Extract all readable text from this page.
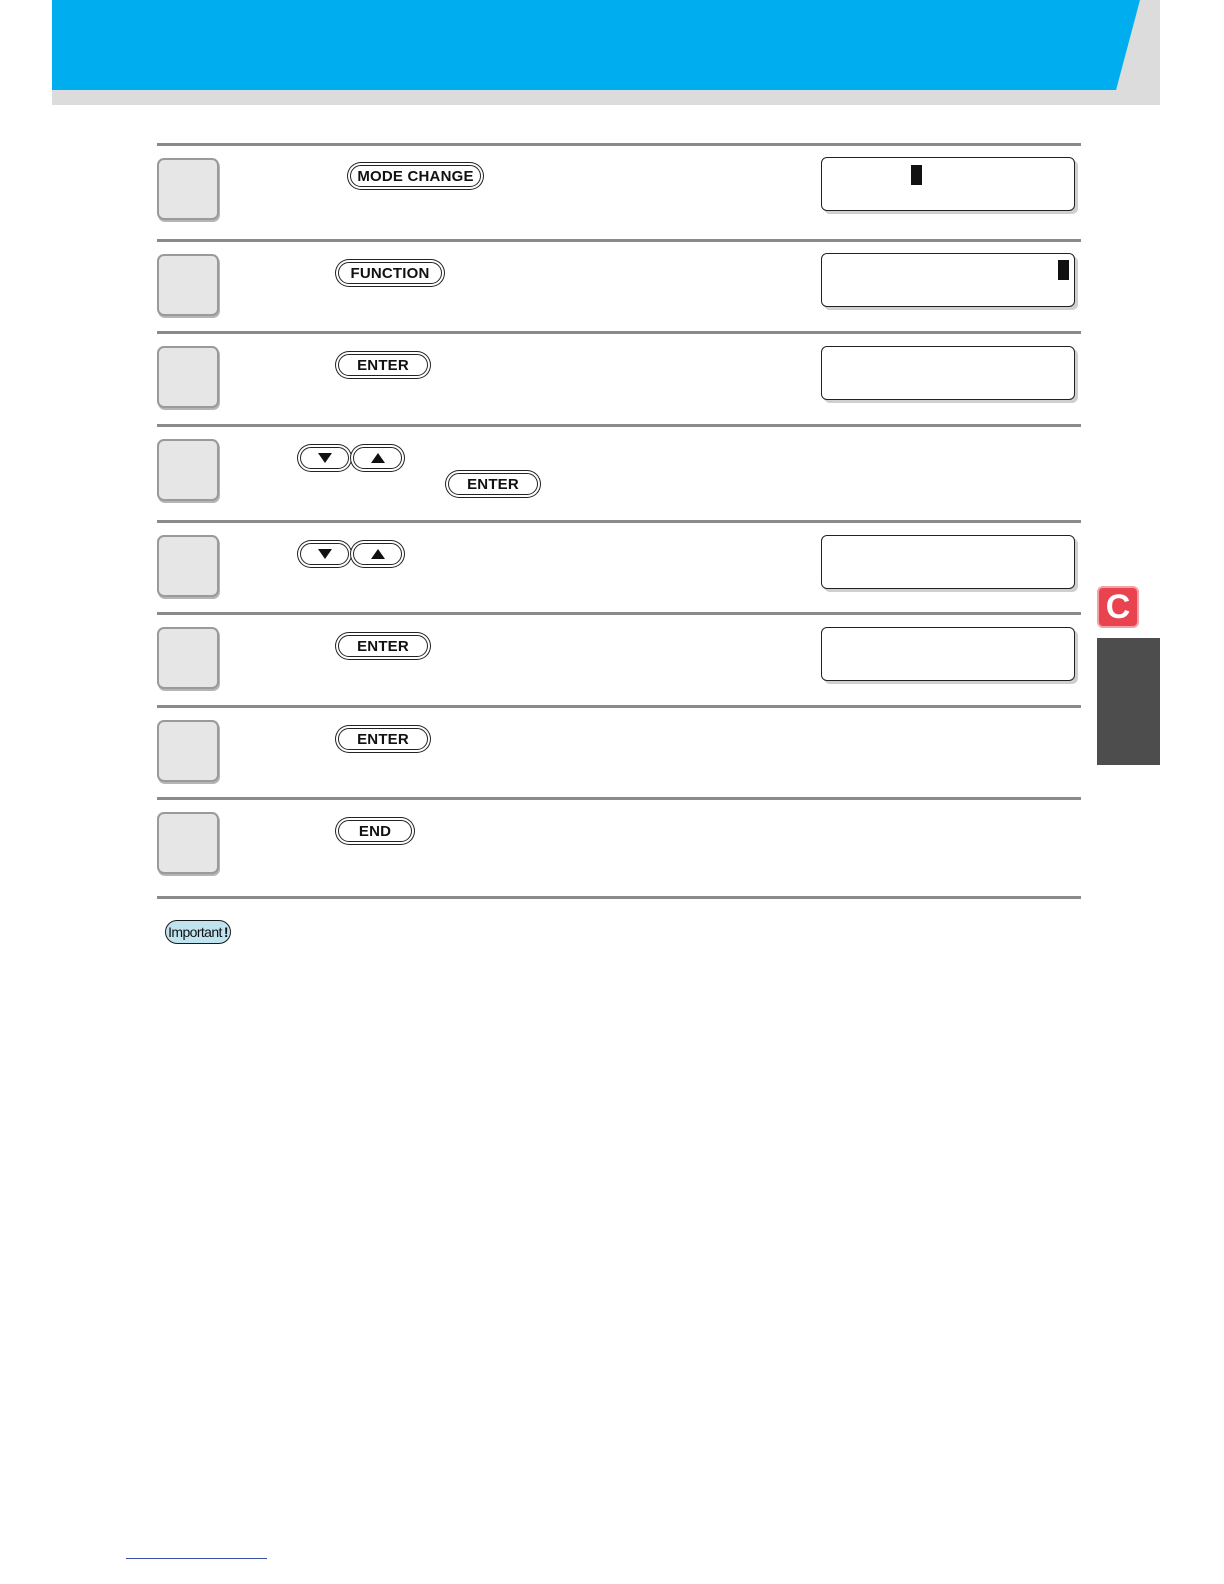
MODE CHANGE
FUNCTION
ENTER
ENTER
ENTER
ENTER
END
Important !
C
